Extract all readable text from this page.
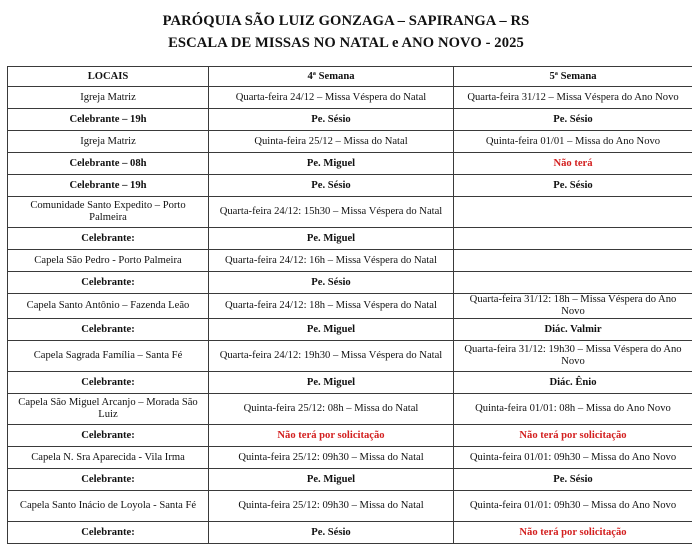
PARÓQUIA SÃO LUIZ GONZAGA – SAPIRANGA – RS
ESCALA DE MISSAS NO NATAL e ANO NOVO - 2025
LOCAIS	4ª Semana	5ª Semana
Igreja Matriz	Quarta-feira 24/12 – Missa Véspera do Natal	Quarta-feira 31/12 – Missa Véspera do Ano Novo
Celebrante – 19h	Pe. Sésio	Pe. Sésio
Igreja Matriz	Quinta-feira 25/12 – Missa do Natal	Quinta-feira 01/01 – Missa do Ano Novo
Celebrante – 08h	Pe. Miguel	Não terá
Celebrante – 19h	Pe. Sésio	Pe. Sésio
Comunidade Santo Expedito – Porto Palmeira	Quarta-feira 24/12: 15h30 – Missa Véspera do Natal	
Celebrante:	Pe. Miguel	
Capela São Pedro - Porto Palmeira	Quarta-feira 24/12: 16h – Missa Véspera do Natal	
Celebrante:	Pe. Sésio	
Capela Santo Antônio – Fazenda Leão	Quarta-feira 24/12: 18h – Missa Véspera do Natal	Quarta-feira 31/12: 18h – Missa Véspera do Ano Novo
Celebrante:	Pe. Miguel	Diác. Valmir
Capela Sagrada Família – Santa Fé	Quarta-feira 24/12: 19h30 – Missa Véspera do Natal	Quarta-feira 31/12: 19h30 – Missa Véspera do Ano Novo
Celebrante:	Pe. Miguel	Diác. Ênio
Capela São Miguel Arcanjo – Morada São Luiz	Quinta-feira 25/12: 08h – Missa do Natal	Quinta-feira 01/01: 08h – Missa do Ano Novo
Celebrante:	Não terá por solicitação	Não terá por solicitação
Capela N. Sra Aparecida - Vila Irma	Quinta-feira 25/12: 09h30 – Missa do Natal	Quinta-feira 01/01: 09h30 – Missa do Ano Novo
Celebrante:	Pe. Miguel	Pe. Sésio
Capela Santo Inácio de Loyola - Santa Fé	Quinta-feira 25/12: 09h30 – Missa do Natal	Quinta-feira 01/01: 09h30 – Missa do Ano Novo
Celebrante:	Pe. Sésio	Não terá por solicitação
